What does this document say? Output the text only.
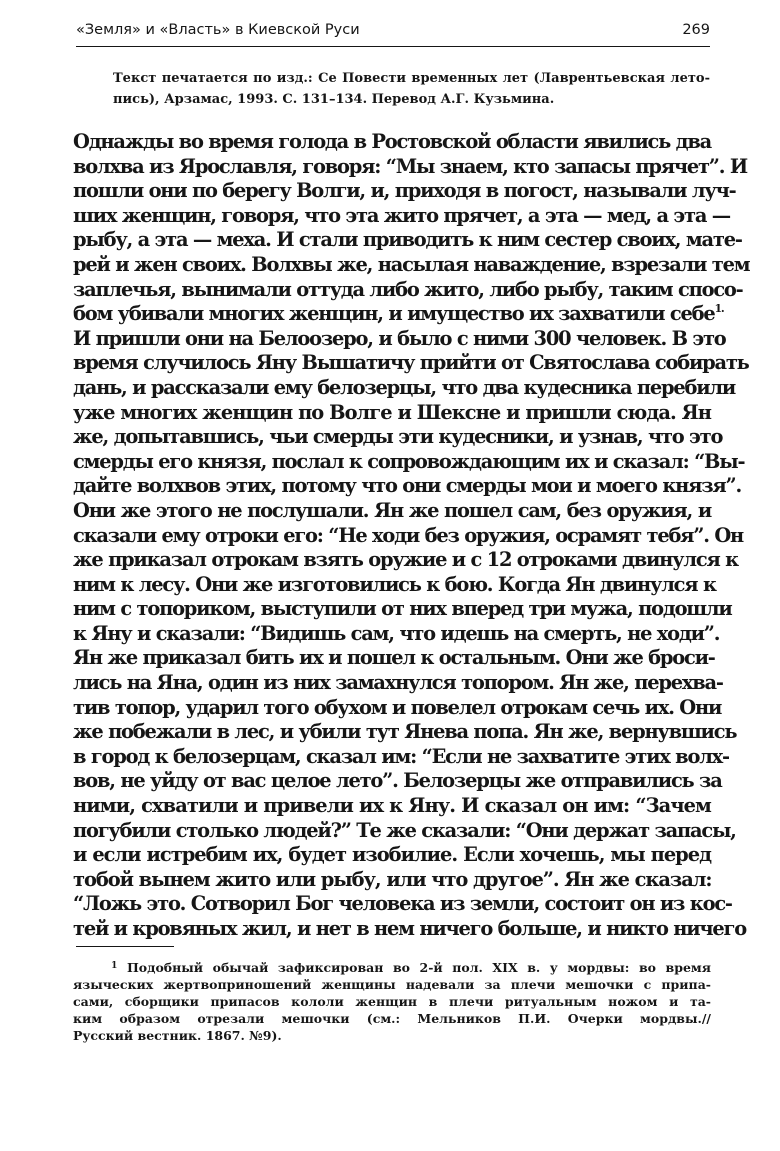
«Земля» и «Власть» в Киевской Руси	269

Текст печатается по изд.: Се Повести временных лет (Лаврентьевская лето-
пись), Арзамас, 1993. С. 131–134. Перевод А.Г. Кузьмина.

Однажды во время голода в Ростовской области явились два
волхва из Ярославля, говоря: “Мы знаем, кто запасы прячет”. И
пошли они по берегу Волги, и, приходя в погост, называли луч-
ших женщин, говоря, что эта жито прячет, а эта — мед, а эта —
рыбу, а эта — меха. И стали приводить к ним сестер своих, мате-
рей и жен своих. Волхвы же, насылая наваждение, взрезали тем
заплечья, вынимали оттуда либо жито, либо рыбу, таким спосо-
бом убивали многих женщин, и имущество их захватили себе$^{1.}$
И пришли они на Белоозеро, и было с ними 300 человек. В это
время случилось Яну Вышатичу прийти от Святослава собирать
дань, и рассказали ему белозерцы, что два кудесника перебили
уже многих женщин по Волге и Шексне и пришли сюда. Ян
же, допытавшись, чьи смерды эти кудесники, и узнав, что это
смерды его князя, послал к сопровождающим их и сказал: “Вы-
дайте волхвов этих, потому что они смерды мои и моего князя”.
Они же этого не послушали. Ян же пошел сам, без оружия, и
сказали ему отроки его: “Не ходи без оружия, осрамят тебя”. Он
же приказал отрокам взять оружие и с 12 отроками двинулся к
ним к лесу. Они же изготовились к бою. Когда Ян двинулся к
ним с топориком, выступили от них вперед три мужа, подошли
к Яну и сказали: “Видишь сам, что идешь на смерть, не ходи”.
Ян же приказал бить их и пошел к остальным. Они же броси-
лись на Яна, один из них замахнулся топором. Ян же, перехва-
тив топор, ударил того обухом и повелел отрокам сечь их. Они
же побежали в лес, и убили тут Янева попа. Ян же, вернувшись
в город к белозерцам, сказал им: “Если не захватите этих волх-
вов, не уйду от вас целое лето”. Белозерцы же отправились за
ними, схватили и привели их к Яну. И сказал он им: “Зачем
погубили столько людей?” Те же сказали: “Они держат запасы,
и если истребим их, будет изобилие. Если хочешь, мы перед
тобой вынем жито или рыбу, или что другое”. Ян же сказал:
“Ложь это. Сотворил Бог человека из земли, состоит он из кос-
тей и кровяных жил, и нет в нем ничего больше, и никто ничего

$^1$ Подобный обычай зафиксирован во 2-й пол. XIX в. у мордвы: во время
языческих жертвоприношений женщины надевали за плечи мешочки с припа-
сами, сборщики припасов кололи женщин в плечи ритуальным ножом и та-
ким образом отрезали мешочки (см.: Мельников П.И. Очерки мордвы.//
Русский вестник. 1867. №9).
